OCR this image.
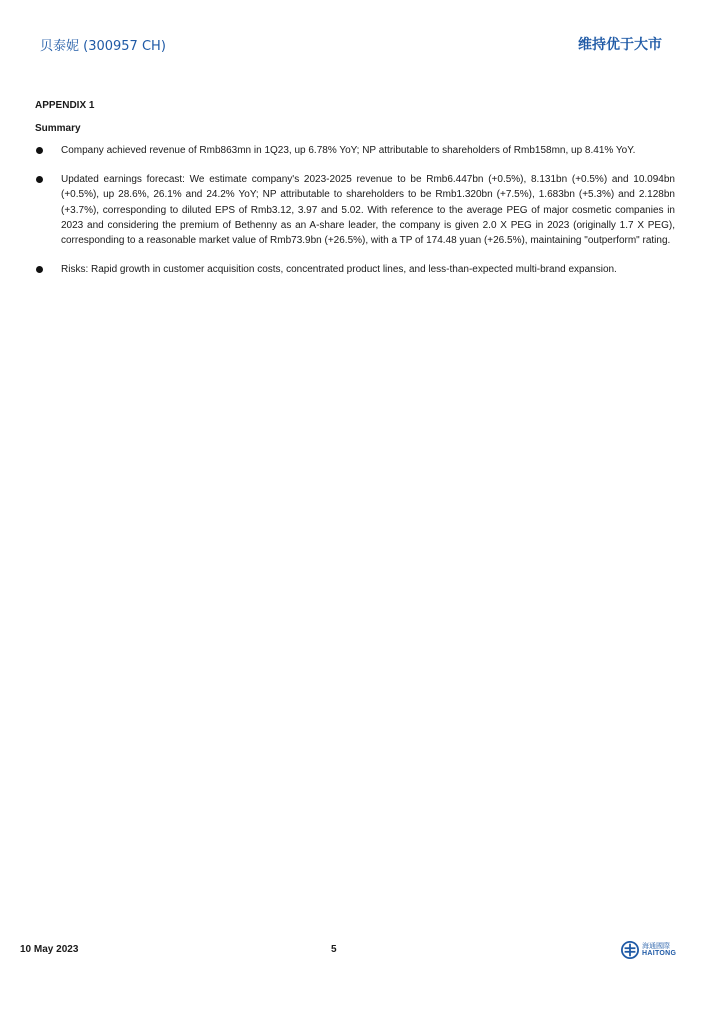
贝泰妮 (300957 CH)	维持优于大市
APPENDIX 1
Summary
Company achieved revenue of Rmb863mn in 1Q23, up 6.78% YoY; NP attributable to shareholders of Rmb158mn, up 8.41% YoY.
Updated earnings forecast: We estimate company's 2023-2025 revenue to be Rmb6.447bn (+0.5%), 8.131bn (+0.5%) and 10.094bn (+0.5%), up 28.6%, 26.1% and 24.2% YoY; NP attributable to shareholders to be Rmb1.320bn (+7.5%), 1.683bn (+5.3%) and 2.128bn (+3.7%), corresponding to diluted EPS of Rmb3.12, 3.97 and 5.02. With reference to the average PEG of major cosmetic companies in 2023 and considering the premium of Bethenny as an A-share leader, the company is given 2.0 X PEG in 2023 (originally 1.7 X PEG), corresponding to a reasonable market value of Rmb73.9bn (+26.5%), with a TP of 174.48 yuan (+26.5%), maintaining "outperform" rating.
Risks: Rapid growth in customer acquisition costs, concentrated product lines, and less-than-expected multi-brand expansion.
10 May 2023	5	海通國際
HAITONG
